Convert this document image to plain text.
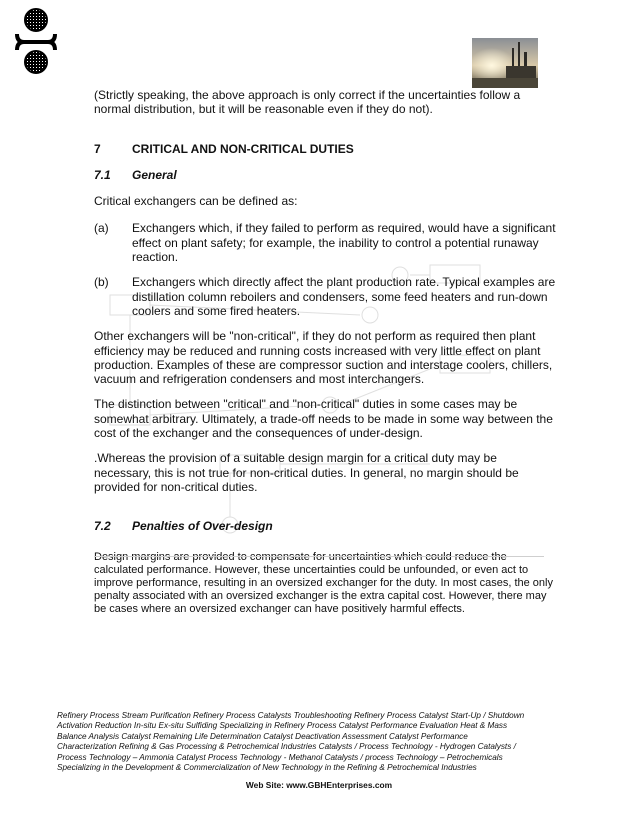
(Strictly speaking, the above approach is only correct if the uncertainties follow a normal distribution, but it will be reasonable even if they do not).

7	CRITICAL AND NON-CRITICAL DUTIES
7.1	General

Critical exchangers can be defined as:

(a)	Exchangers which, if they failed to perform as required, would have a significant effect on plant safety; for example, the inability to control a potential runaway reaction.
(b)	Exchangers which directly affect the plant production rate. Typical examples are distillation column reboilers and condensers, some feed heaters and run-down coolers and some fired heaters.

Other exchangers will be "non-critical", if they do not perform as required then plant efficiency may be reduced and running costs increased with very little effect on plant production. Examples of these are compressor suction and interstage coolers, chillers, vacuum and refrigeration condensers and most interchangers.

The distinction between "critical" and "non-critical" duties in some cases may be somewhat arbitrary. Ultimately, a trade-off needs to be made in some way between the cost of the exchanger and the consequences of under-design.

.Whereas the provision of a suitable design margin for a critical duty may be necessary, this is not true for non-critical duties. In general, no margin should be provided for non-critical duties.

7.2	Penalties of Over-design

calculated performance. However, these uncertainties could be unfounded, or even act to improve performance, resulting in an oversized exchanger for the duty. In most cases, the only penalty associated with an oversized exchanger is the extra capital cost. However, there may be cases where an oversized exchanger can have positively harmful effects.

Refinery Process Stream Purification Refinery Process Catalysts Troubleshooting Refinery Process Catalyst Start-Up / Shutdown
Activation Reduction In-situ Ex-situ Sulfiding Specializing in Refinery Process Catalyst Performance Evaluation Heat & Mass
Balance Analysis Catalyst Remaining Life Determination Catalyst Deactivation Assessment Catalyst Performance
Characterization Refining & Gas Processing & Petrochemical Industries Catalysts / Process Technology - Hydrogen Catalysts /
Process Technology – Ammonia Catalyst Process Technology - Methanol Catalysts / process Technology – Petrochemicals
Specializing in the Development & Commercialization of New Technology in the Refining & Petrochemical Industries
Web Site: www.GBHEnterprises.com
